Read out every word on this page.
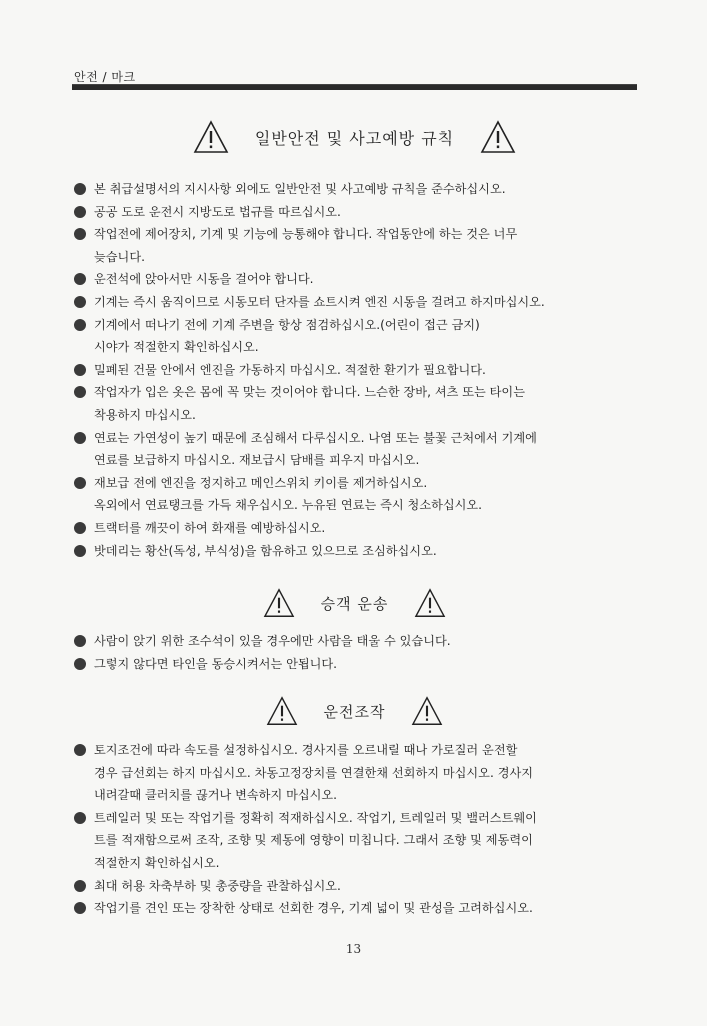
안전 / 마크
일반안전 및 사고예방 규칙
본 취급설명서의 지시사항 외에도 일반안전 및 사고예방 규칙을 준수하십시오.
공공 도로 운전시 지방도로 법규를 따르십시오.
작업전에 제어장치, 기계 및 기능에 능통해야 합니다. 작업동안에 하는 것은 너무
늦습니다.
운전석에 앉아서만 시동을 걸어야 합니다.
기계는 즉시 움직이므로 시동모터 단자를 쇼트시켜 엔진 시동을 걸려고 하지마십시오.
기계에서 떠나기 전에 기계 주변을 항상 점검하십시오.(어린이 접근 금지)
시야가 적절한지 확인하십시오.
밀폐된 건물 안에서 엔진을 가동하지 마십시오. 적절한 환기가 필요합니다.
작업자가 입은 옷은 몸에 꼭 맞는 것이어야 합니다. 느슨한 장바, 셔츠 또는 타이는
착용하지 마십시오.
연료는 가연성이 높기 때문에 조심해서 다루십시오. 나염 또는 불꽃 근처에서 기계에
연료를 보급하지 마십시오. 재보급시 담배를 피우지 마십시오.
재보급 전에 엔진을 정지하고 메인스위치 키이를 제거하십시오.
옥외에서 연료탱크를 가득 채우십시오. 누유된 연료는 즉시 청소하십시오.
트랙터를 깨끗이 하여 화재를 예방하십시오.
밧데리는 황산(독성, 부식성)을 함유하고 있으므로 조심하십시오.
승객 운송
사람이 앉기 위한 조수석이 있을 경우에만 사람을 태울 수 있습니다.
그렇지 않다면 타인을 동승시켜서는 안됩니다.
운전조작
토지조건에 따라 속도를 설정하십시오. 경사지를 오르내릴 때나 가로질러 운전할
경우 급선회는 하지 마십시오. 차동고정장치를 연결한채 선회하지 마십시오. 경사지
내려갈때 클러치를 끊거나 변속하지 마십시오.
트레일러 및 또는 작업기를 정확히 적재하십시오. 작업기, 트레일러 및 밸러스트웨이
트를 적재함으로써 조작, 조향 및 제동에 영향이 미칩니다. 그래서 조향 및 제동력이
적절한지 확인하십시오.
최대 허용 차축부하 및 총중량을 관찰하십시오.
작업기를 견인 또는 장착한 상태로 선회한 경우, 기계 넓이 및 관성을 고려하십시오.
13
